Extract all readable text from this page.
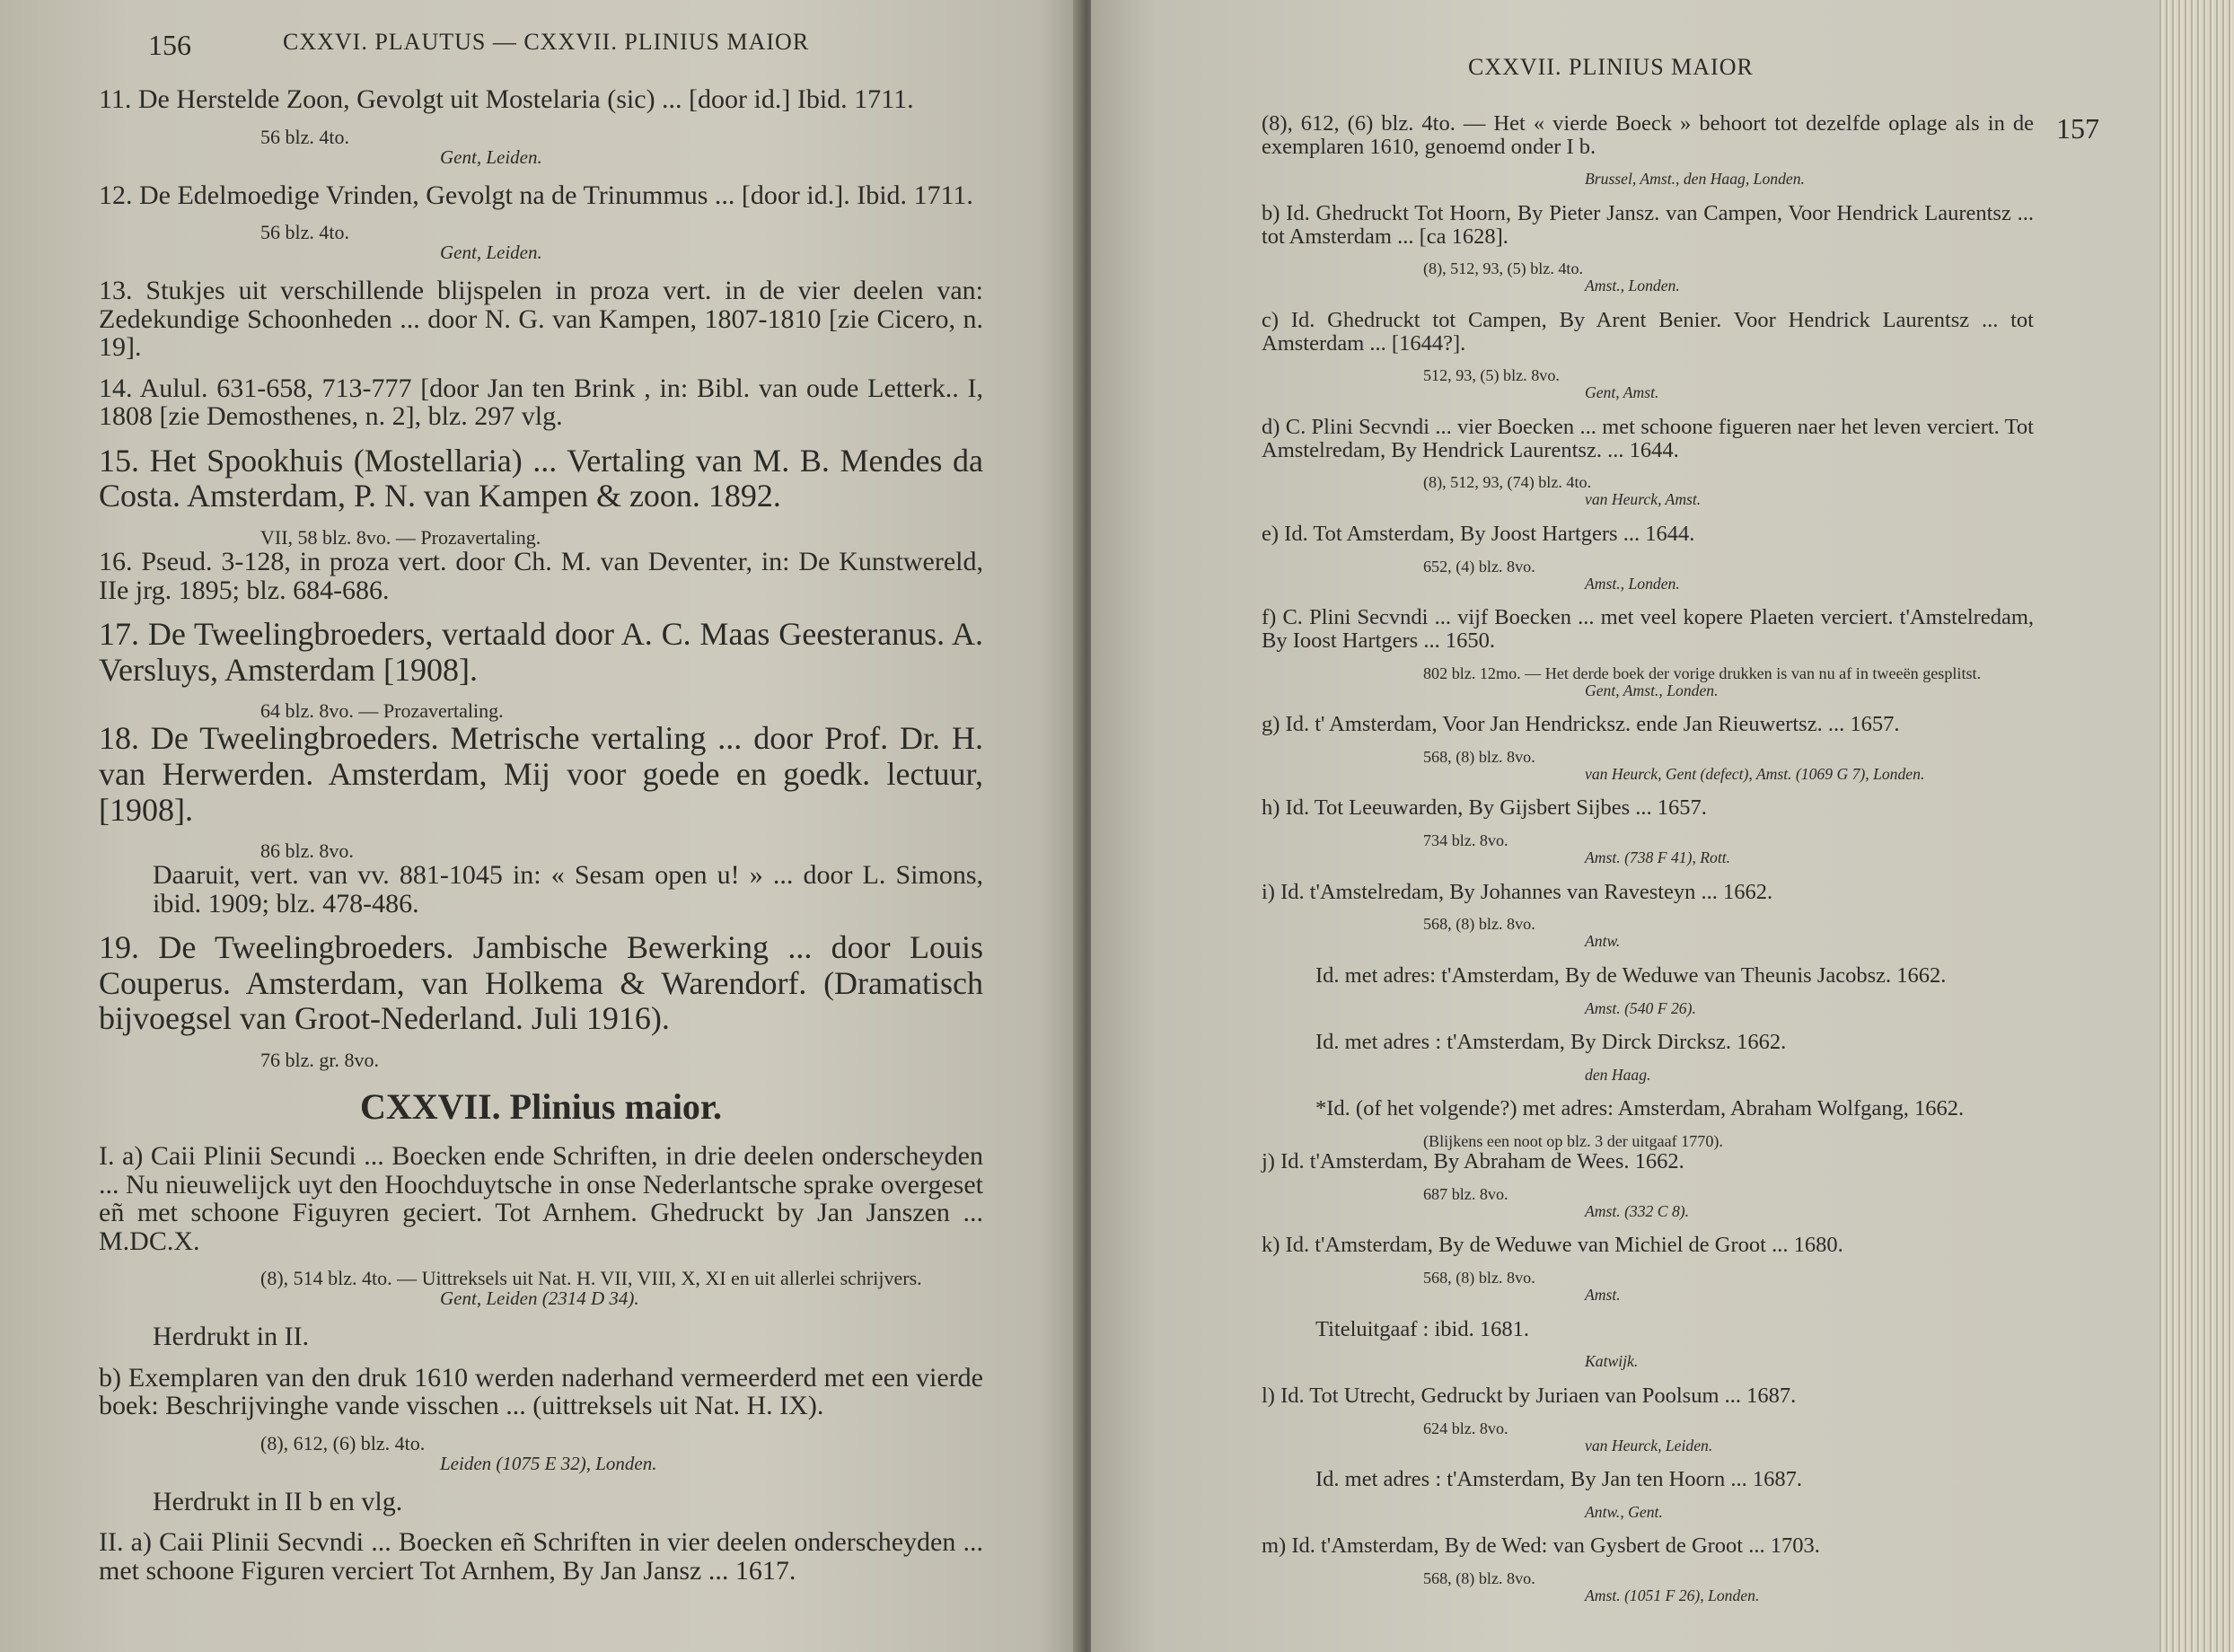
156	CXXVI. PLAUTUS — CXXVII. PLINIUS MAIOR
11. De Herstelde Zoon, Gevolgt uit Mostelaria (sic) ... [door id.] Ibid. 1711.
56 blz. 4to.
Gent, Leiden.
12. De Edelmoedige Vrinden, Gevolgt na de Trinummus ... [door id.]. Ibid. 1711.
56 blz. 4to.
Gent, Leiden.
13. Stukjes uit verschillende blijspelen in proza vert. in de vier deelen van: Zedekundige Schoonheden ... door N. G. van Kampen, 1807-1810 [zie Cicero, n. 19].
14. Aulul. 631-658, 713-777 [door Jan ten Brink , in: Bibl. van oude Letterk.. I, 1808 [zie Demosthenes, n. 2], blz. 297 vlg.
15. Het Spookhuis (Mostellaria) ... Vertaling van M. B. Mendes da Costa. Amsterdam, P. N. van Kampen & zoon. 1892.
VII, 58 blz. 8vo. — Prozavertaling.
16. Pseud. 3-128, in proza vert. door Ch. M. van Deventer, in: De Kunstwereld, IIe jrg. 1895; blz. 684-686.
17. De Tweelingbroeders, vertaald door A. C. Maas Geesteranus. A. Versluys, Amsterdam [1908].
64 blz. 8vo. — Prozavertaling.
18. De Tweelingbroeders. Metrische vertaling ... door Prof. Dr. H. van Herwerden. Amsterdam, Mij voor goede en goedk. lectuur, [1908].
86 blz. 8vo.
Daaruit, vert. van vv. 881-1045 in: « Sesam open u! » ... door L. Simons, ibid. 1909; blz. 478-486.
19. De Tweelingbroeders. Jambische Bewerking ... door Louis Couperus. Amsterdam, van Holkema & Warendorf. (Dramatisch bijvoegsel van Groot-Nederland. Juli 1916).
76 blz. gr. 8vo.
CXXVII. Plinius maior.
I. a) Caii Plinii Secundi ... Boecken ende Schriften, in drie deelen onderscheyden ... Nu nieuwelijck uyt den Hoochduytsche in onse Nederlantsche sprake overgeset eñ met schoone Figuyren geciert. Tot Arnhem. Ghedruckt by Jan Janszen ... M.DC.X.
(8), 514 blz. 4to. — Uittreksels uit Nat. H. VII, VIII, X, XI en uit allerlei schrijvers.
Gent, Leiden (2314 D 34).
Herdrukt in II.
b) Exemplaren van den druk 1610 werden naderhand vermeerderd met een vierde boek: Beschrijvinghe vande visschen ... (uittreksels uit Nat. H. IX).
(8), 612, (6) blz. 4to.
Leiden (1075 E 32), Londen.
Herdrukt in II b en vlg.
II. a) Caii Plinii Secvndi ... Boecken eñ Schriften in vier deelen onderscheyden ... met schoone Figuren verciert Tot Arnhem, By Jan Jansz ... 1617.
CXXVII. PLINIUS MAIOR
157
(8), 612, (6) blz. 4to. — Het « vierde Boeck » behoort tot dezelfde oplage als in de exemplaren 1610, genoemd onder I b.
Brussel, Amst., den Haag, Londen.
b) Id. Ghedruckt Tot Hoorn, By Pieter Jansz. van Campen, Voor Hendrick Laurentsz ... tot Amsterdam ... [ca 1628].
(8), 512, 93, (5) blz. 4to.
Amst., Londen.
c) Id. Ghedruckt tot Campen, By Arent Benier. Voor Hendrick Laurentsz ... tot Amsterdam ... [1644?].
512, 93, (5) blz. 8vo.
Gent, Amst.
d) C. Plini Secvndi ... vier Boecken ... met schoone figueren naer het leven verciert. Tot Amstelredam, By Hendrick Laurentsz. ... 1644.
(8), 512, 93, (74) blz. 4to.
van Heurck, Amst.
e) Id. Tot Amsterdam, By Joost Hartgers ... 1644.
652, (4) blz. 8vo.
Amst., Londen.
f) C. Plini Secvndi ... vijf Boecken ... met veel kopere Plaeten verciert. t'Amstelredam, By Ioost Hartgers ... 1650.
802 blz. 12mo. — Het derde boek der vorige drukken is van nu af in tweeën gesplitst.
Gent, Amst., Londen.
g) Id. t' Amsterdam, Voor Jan Hendricksz. ende Jan Rieuwertsz. ... 1657.
568, (8) blz. 8vo.
van Heurck, Gent (defect), Amst. (1069 G 7), Londen.
h) Id. Tot Leeuwarden, By Gijsbert Sijbes ... 1657.
734 blz. 8vo.
Amst. (738 F 41), Rott.
i) Id. t'Amstelredam, By Johannes van Ravesteyn ... 1662.
568, (8) blz. 8vo.
Antw.
Id. met adres: t'Amsterdam, By de Weduwe van Theunis Jacobsz. 1662.
Amst. (540 F 26).
Id. met adres : t'Amsterdam, By Dirck Dircksz. 1662.
den Haag.
*Id. (of het volgende?) met adres: Amsterdam, Abraham Wolfgang, 1662.
(Blijkens een noot op blz. 3 der uitgaaf 1770).
j) Id. t'Amsterdam, By Abraham de Wees. 1662.
687 blz. 8vo.
Amst. (332 C 8).
k) Id. t'Amsterdam, By de Weduwe van Michiel de Groot ... 1680.
568, (8) blz. 8vo.
Amst.
Titeluitgaaf : ibid. 1681.
Katwijk.
l) Id. Tot Utrecht, Gedruckt by Juriaen van Poolsum ... 1687.
624 blz. 8vo.
van Heurck, Leiden.
Id. met adres : t'Amsterdam, By Jan ten Hoorn ... 1687.
Antw., Gent.
m) Id. t'Amsterdam, By de Wed: van Gysbert de Groot ... 1703.
568, (8) blz. 8vo.
Amst. (1051 F 26), Londen.
